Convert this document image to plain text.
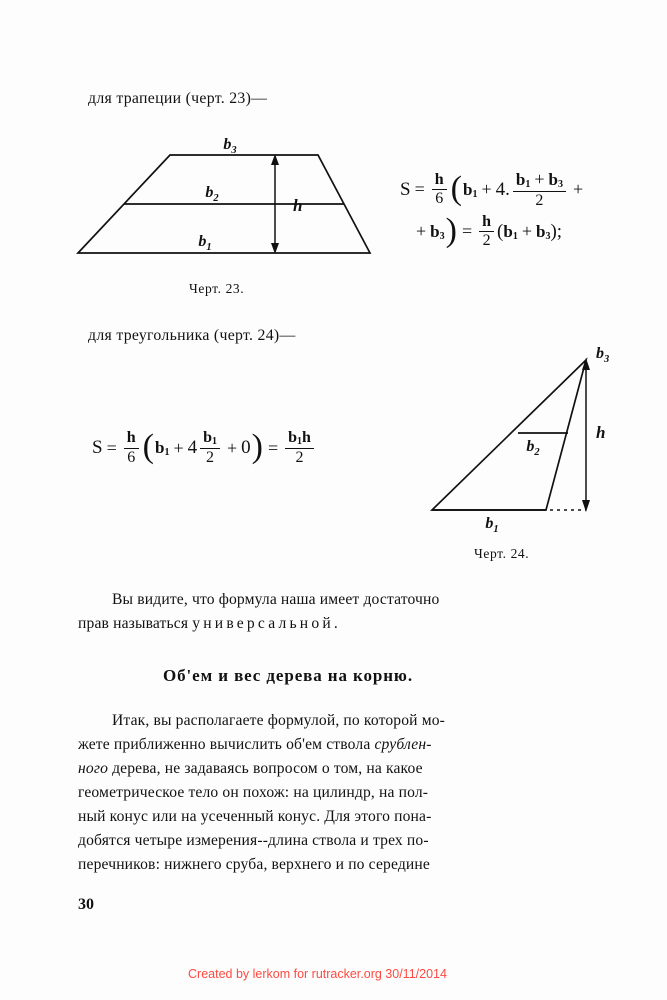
для трапеции (черт. 23)—
$b_3$
$b_2$
$b_1$
h
$S = \frac{h}{6}$ ( $b_1 + 4$ . $\frac{b_1 + b_3}{2}$ +
+ $b_3$ ) = $\frac{h}{2}$ ( $b_1 + b_3$ ) ;
Черт. 23.
для треугольника (черт. 24)—
$S = \frac{h}{6}$ ( $b_1 + 4 \frac{b_1}{2} + 0$ ) = $\frac{b_1h}{2}$
$b_3$
$b_2$
$b_1$
h
Черт. 24.
Вы видите, что формула наша имеет достаточно
прав называться универсальной.
Об'ем и вес дерева на корню.
Итак, вы располагаете формулой, по которой мо-
жете приближенно вычислить об'ем ствола срублен-
ного дерева, не задаваясь вопросом о том, на какое
геометрическое тело он похож: на цилиндр, на пол-
ный конус или на усеченный конус. Для этого пона-
добятся четыре измерения--длина ствола и трех по-
перечников: нижнего сруба, верхнего и по середине
30
Created by lerkom for rutracker.org 30/11/2014
